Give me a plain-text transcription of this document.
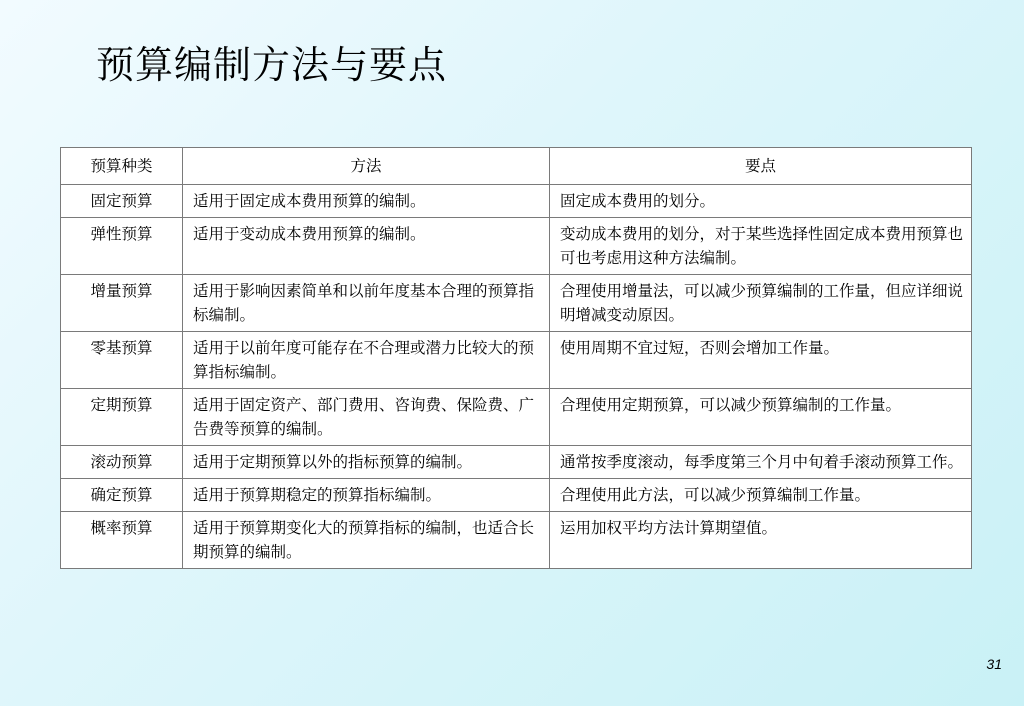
预算编制方法与要点
预算种类	方法	要点
固定预算	适用于固定成本费用预算的编制。	固定成本费用的划分。
弹性预算	适用于变动成本费用预算的编制。	变动成本费用的划分，对于某些选择性固定成本费用预算也可也考虑用这种方法编制。
增量预算	适用于影响因素简单和以前年度基本合理的预算指标编制。	合理使用增量法，可以减少预算编制的工作量，但应详细说明增减变动原因。
零基预算	适用于以前年度可能存在不合理或潜力比较大的预算指标编制。	使用周期不宜过短，否则会增加工作量。
定期预算	适用于固定资产、部门费用、咨询费、保险费、广告费等预算的编制。	合理使用定期预算，可以减少预算编制的工作量。
滚动预算	适用于定期预算以外的指标预算的编制。	通常按季度滚动，每季度第三个月中旬着手滚动预算工作。
确定预算	适用于预算期稳定的预算指标编制。	合理使用此方法，可以减少预算编制工作量。
概率预算	适用于预算期变化大的预算指标的编制，也适合长期预算的编制。	运用加权平均方法计算期望值。
31
